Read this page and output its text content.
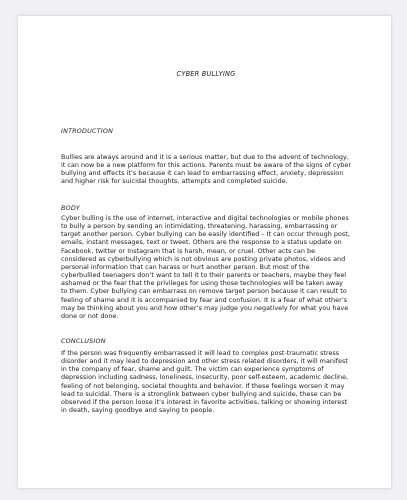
CYBER BULLYING
INTRODUCTION

Bullies are always around and it is a serious matter, but due to the advent of technology, it can now be a new platform for this actions. Parents must be aware of the signs of cyber bullying and effects it’s because it can lead to embarrassing effect, anxiety, depression and higher risk for suicidal thoughts, attempts and completed suicide.

BODY

Cyber bulling is the use of internet, interactive and digital technologies or mobile phones to bully a person by sending an intimidating, threatening, harassing, embarrassing or target another person. Cyber bullying can be easily identified – It can occur through post, emails, instant messages, text or tweet. Others are the response to a status update on Facebook, twitter or Instagram that is harsh, mean, or cruel. Other acts can be considered as cyberbullying which is not obvious are posting private photos, videos and personal information that can harass or hurt another person. But most of the cyberbullied teenagers don’t want to tell it to their parents or teachers, maybe they feel ashamed or the fear that the privileges for using those technologies will be taken away to them. Cyber bullying can embarrass on remove target person because it can result to feeling of shame and it is accompanied by fear and confusion. It is a fear of what other’s may be thinking about you and how other’s may judge you negatively for what you have done or not done.

CONCLUSION

If the person was frequently embarrassed it will lead to complex post-traumatic stress disorder and it may lead to depression and other stress related disorders, it will manifest in the company of fear, shame and guilt. The victim can experience symptoms of depression including sadness, loneliness, insecurity, poor self-esteem, academic decline, feeling of not belonging, societal thoughts and behavior. If these feelings worsen it may lead to suicidal. There is a stronglink between cyber bullying and suicide, these can be observed if the person loose it’s interest in favorite activities, talking or showing interest in death, saying goodbye and saying to people.
